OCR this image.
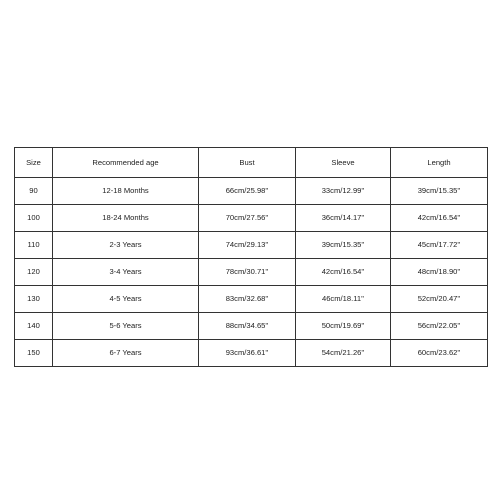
Size	Recommended age	Bust	Sleeve	Length
90	12-18 Months	66cm/25.98''	33cm/12.99''	39cm/15.35''
100	18-24 Months	70cm/27.56''	36cm/14.17''	42cm/16.54''
110	2-3 Years	74cm/29.13''	39cm/15.35''	45cm/17.72''
120	3-4 Years	78cm/30.71''	42cm/16.54''	48cm/18.90''
130	4-5 Years	83cm/32.68''	46cm/18.11''	52cm/20.47''
140	5-6 Years	88cm/34.65''	50cm/19.69''	56cm/22.05''
150	6-7 Years	93cm/36.61''	54cm/21.26''	60cm/23.62''
